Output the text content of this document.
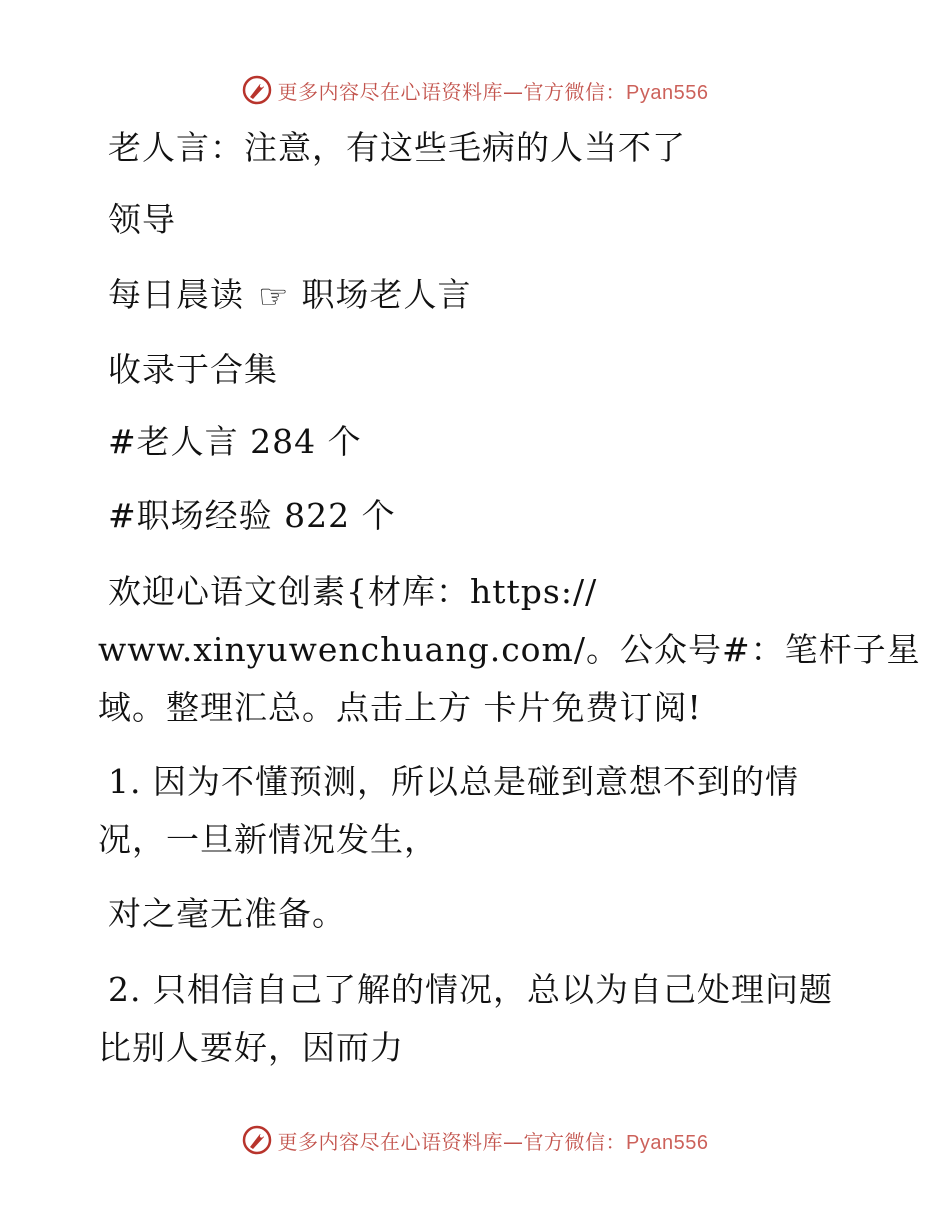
更多内容尽在心语资料库—官方微信：Pyan556
老人言：注意，有这些毛病的人当不了
领导
每日晨读 ☞ 职场老人言
收录于合集
#老人言 284 个
#职场经验 822 个
欢迎心语文创素{材库：https://
www.xinyuwenchuang.com/。公众号#：笔杆子星
域。整理汇总。点击上方 卡片免费订阅!
1. 因为不懂预测，所以总是碰到意想不到的情
况，一旦新情况发生，
对之毫无准备。
2. 只相信自己了解的情况，总以为自己处理问题
比别人要好，因而力
更多内容尽在心语资料库—官方微信：Pyan556
